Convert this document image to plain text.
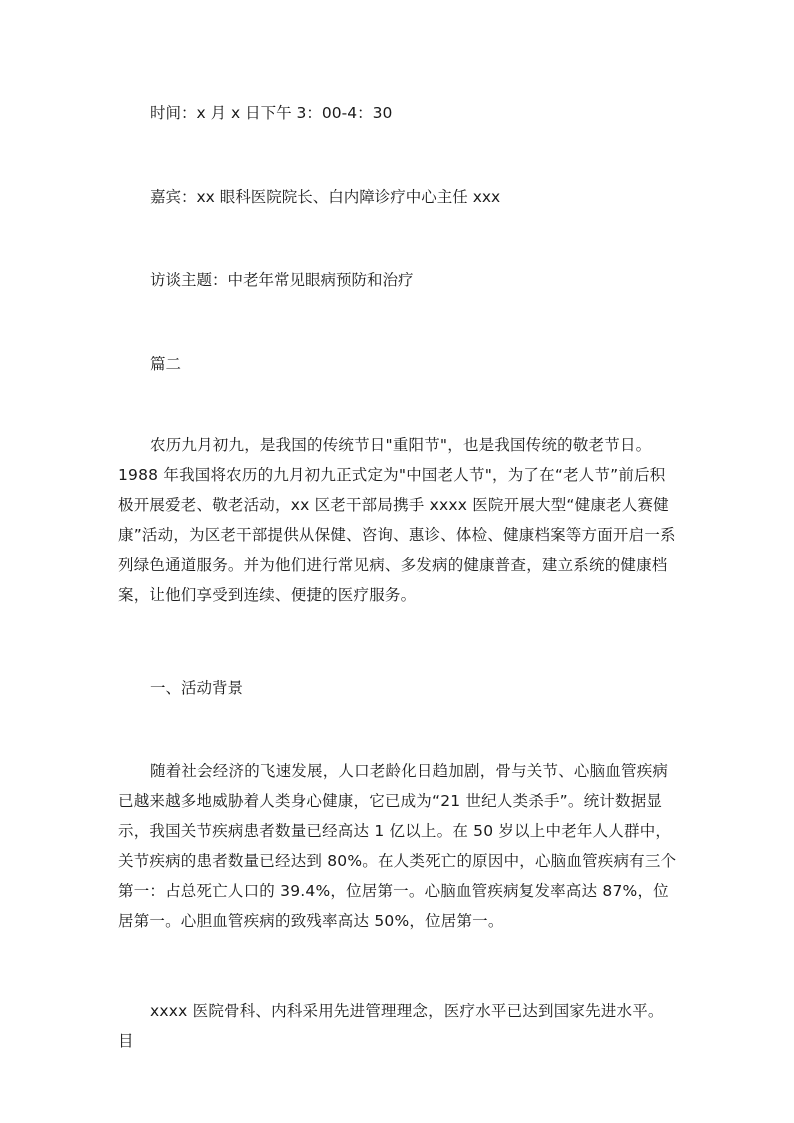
时间：x 月 x 日下午 3：00-4：30
嘉宾：xx 眼科医院院长、白内障诊疗中心主任 xxx
访谈主题：中老年常见眼病预防和治疗
篇二

农历九月初九，是我国的传统节日"重阳节"，也是我国传统的敬老节日。1988 年我国将农历的九月初九正式定为"中国老人节"，为了在“老人节”前后积极开展爱老、敬老活动，xx 区老干部局携手 xxxx 医院开展大型“健康老人赛健康”活动，为区老干部提供从保健、咨询、惠诊、体检、健康档案等方面开启一系列绿色通道服务。并为他们进行常见病、多发病的健康普查，建立系统的健康档案，让他们享受到连续、便捷的医疗服务。

一、活动背景

随着社会经济的飞速发展，人口老龄化日趋加剧，骨与关节、心脑血管疾病已越来越多地威胁着人类身心健康，它已成为“21 世纪人类杀手”。统计数据显示，我国关节疾病患者数量已经高达 1 亿以上。在 50 岁以上中老年人人群中，关节疾病的患者数量已经达到 80%。在人类死亡的原因中，心脑血管疾病有三个第一：占总死亡人口的 39.4%，位居第一。心脑血管疾病复发率高达 87%，位居第一。心胆血管疾病的致残率高达 50%，位居第一。

xxxx 医院骨科、内科采用先进管理理念，医疗水平已达到国家先进水平。目
